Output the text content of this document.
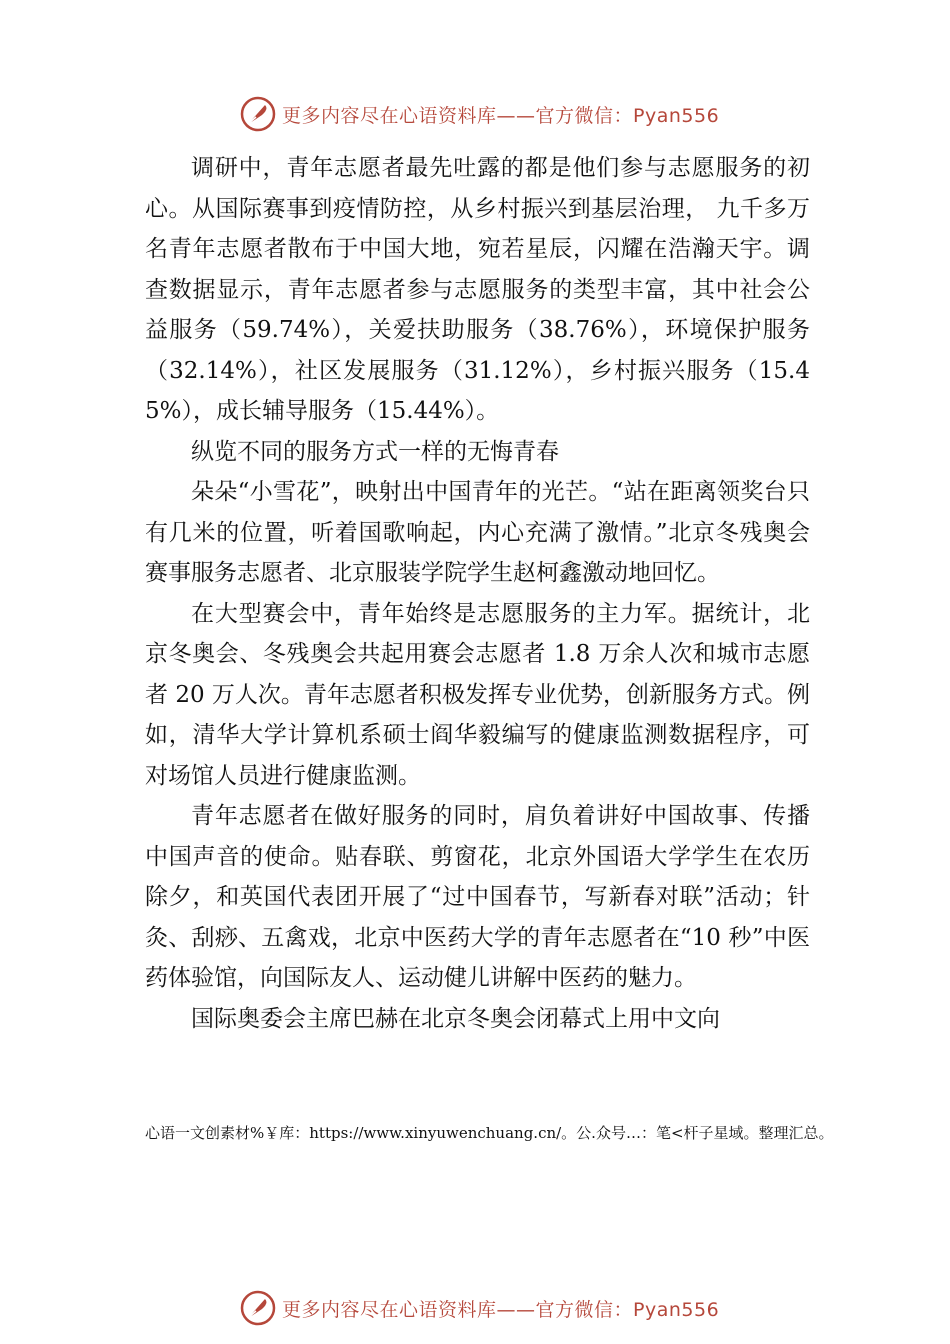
更多内容尽在心语资料库——官方微信：Pyan556

调研中，青年志愿者最先吐露的都是他们参与志愿服务的初心。从国际赛事到疫情防控，从乡村振兴到基层治理， 九千多万名青年志愿者散布于中国大地，宛若星辰，闪耀在浩瀚天宇。调查数据显示，青年志愿者参与志愿服务的类型丰富，其中社会公益服务（59.74%），关爱扶助服务（38.76%），环境保护服务（32.14%），社区发展服务（31.12%），乡村振兴服务（15.45%），成长辅导服务（15.44%）。

纵览不同的服务方式一样的无悔青春

朵朵“小雪花”，映射出中国青年的光芒。“站在距离领奖台只有几米的位置，听着国歌响起，内心充满了激情。”北京冬残奥会赛事服务志愿者、北京服装学院学生赵柯鑫激动地回忆。

在大型赛会中，青年始终是志愿服务的主力军。据统计，北京冬奥会、冬残奥会共起用赛会志愿者 1.8 万余人次和城市志愿者 20 万人次。青年志愿者积极发挥专业优势，创新服务方式。例如，清华大学计算机系硕士阎华毅编写的健康监测数据程序，可对场馆人员进行健康监测。

青年志愿者在做好服务的同时，肩负着讲好中国故事、传播中国声音的使命。贴春联、剪窗花，北京外国语大学学生在农历除夕，和英国代表团开展了“过中国春节，写新春对联”活动；针灸、刮痧、五禽戏，北京中医药大学的青年志愿者在“10 秒”中医药体验馆，向国际友人、运动健儿讲解中医药的魅力。

国际奥委会主席巴赫在北京冬奥会闭幕式上用中文向

心语一文创素材%￥库：https://www.xinyuwenchuang.cn/。公.众号…：笔<杆子星域。整理汇总。
更多内容尽在心语资料库——官方微信：Pyan556
